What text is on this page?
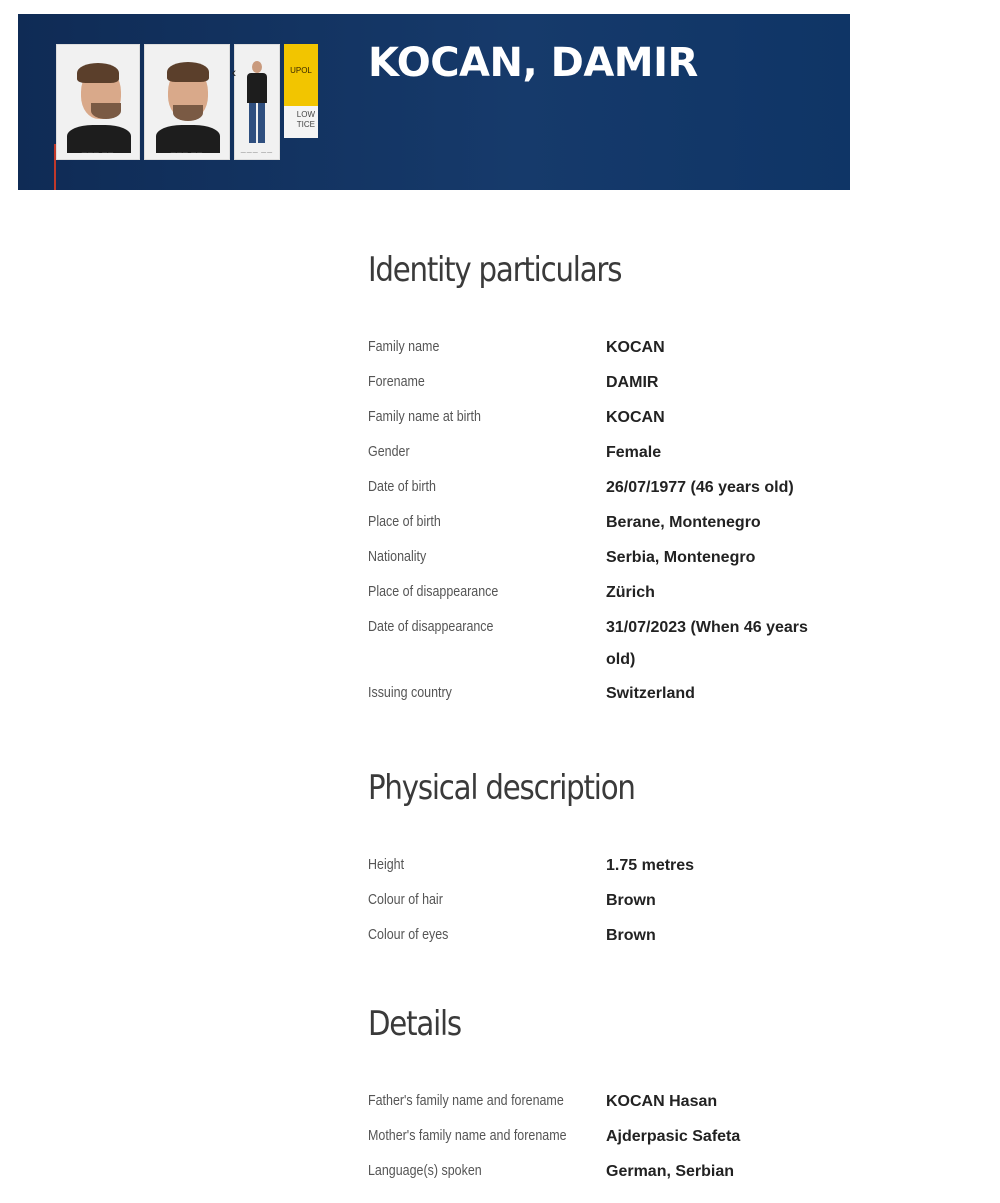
——— ——	——— ——	——— ——
‹	UPOL
LOW TICE
KOCAN, DAMIR
Identity particulars
Family name	KOCAN
Forename	DAMIR
Family name at birth	KOCAN
Gender	Female
Date of birth	26/07/1977 (46 years old)
Place of birth	Berane, Montenegro
Nationality	Serbia, Montenegro
Place of disappearance	Zürich
Date of disappearance	31/07/2023 (When 46 years old)
Issuing country	Switzerland
Physical description
Height	1.75 metres
Colour of hair	Brown
Colour of eyes	Brown
Details
Father's family name and forename	KOCAN Hasan
Mother's family name and forename	Ajderpasic Safeta
Language(s) spoken	German, Serbian
